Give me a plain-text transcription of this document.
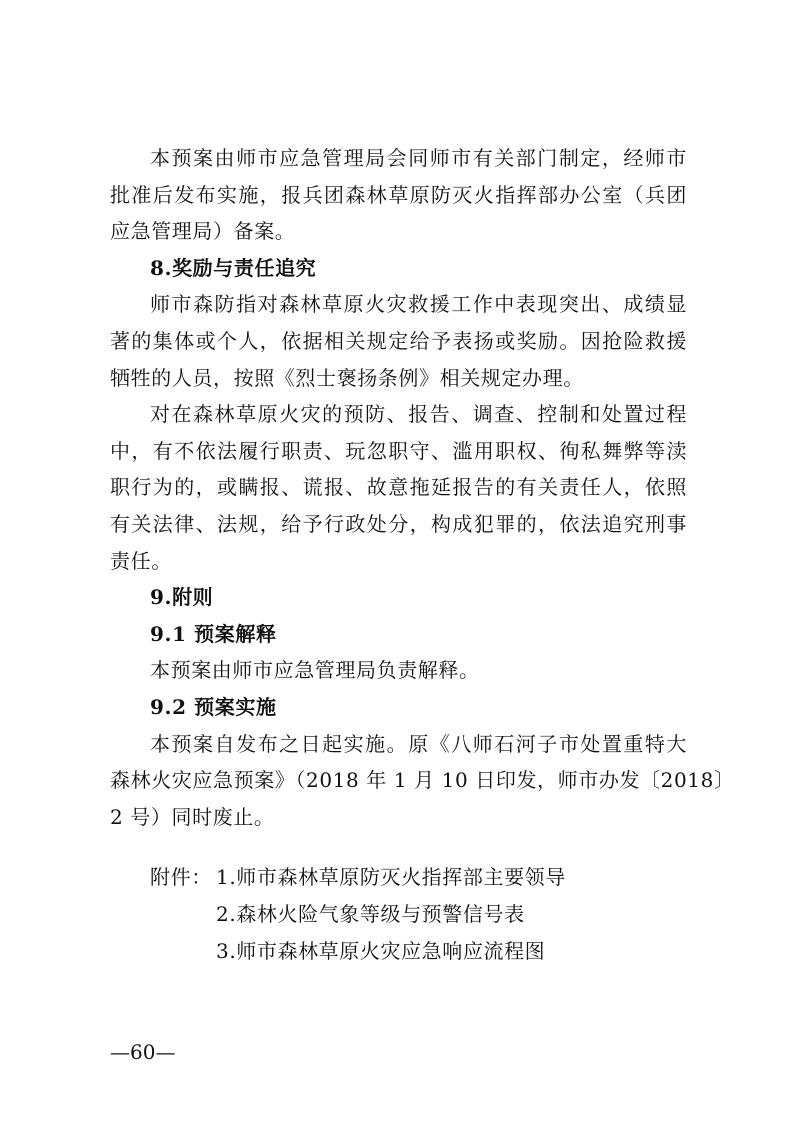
本预案由师市应急管理局会同师市有关部门制定，经师市
批准后发布实施，报兵团森林草原防灭火指挥部办公室（兵团
应急管理局）备案。
8.奖励与责任追究
师市森防指对森林草原火灾救援工作中表现突出、成绩显
著的集体或个人，依据相关规定给予表扬或奖励。因抢险救援
牺牲的人员，按照《烈士褒扬条例》相关规定办理。
对在森林草原火灾的预防、报告、调查、控制和处置过程
中，有不依法履行职责、玩忽职守、滥用职权、徇私舞弊等渎
职行为的，或瞒报、谎报、故意拖延报告的有关责任人，依照
有关法律、法规，给予行政处分，构成犯罪的，依法追究刑事
责任。
9.附则
9.1 预案解释
本预案由师市应急管理局负责解释。
9.2 预案实施
本预案自发布之日起实施。原《八师石河子市处置重特大
森林火灾应急预案》（2018 年 1 月 10 日印发，师市办发〔2018〕
2 号）同时废止。
附件： 1.师市森林草原防灭火指挥部主要领导
2.森林火险气象等级与预警信号表
3.师市森林草原火灾应急响应流程图
—60—
